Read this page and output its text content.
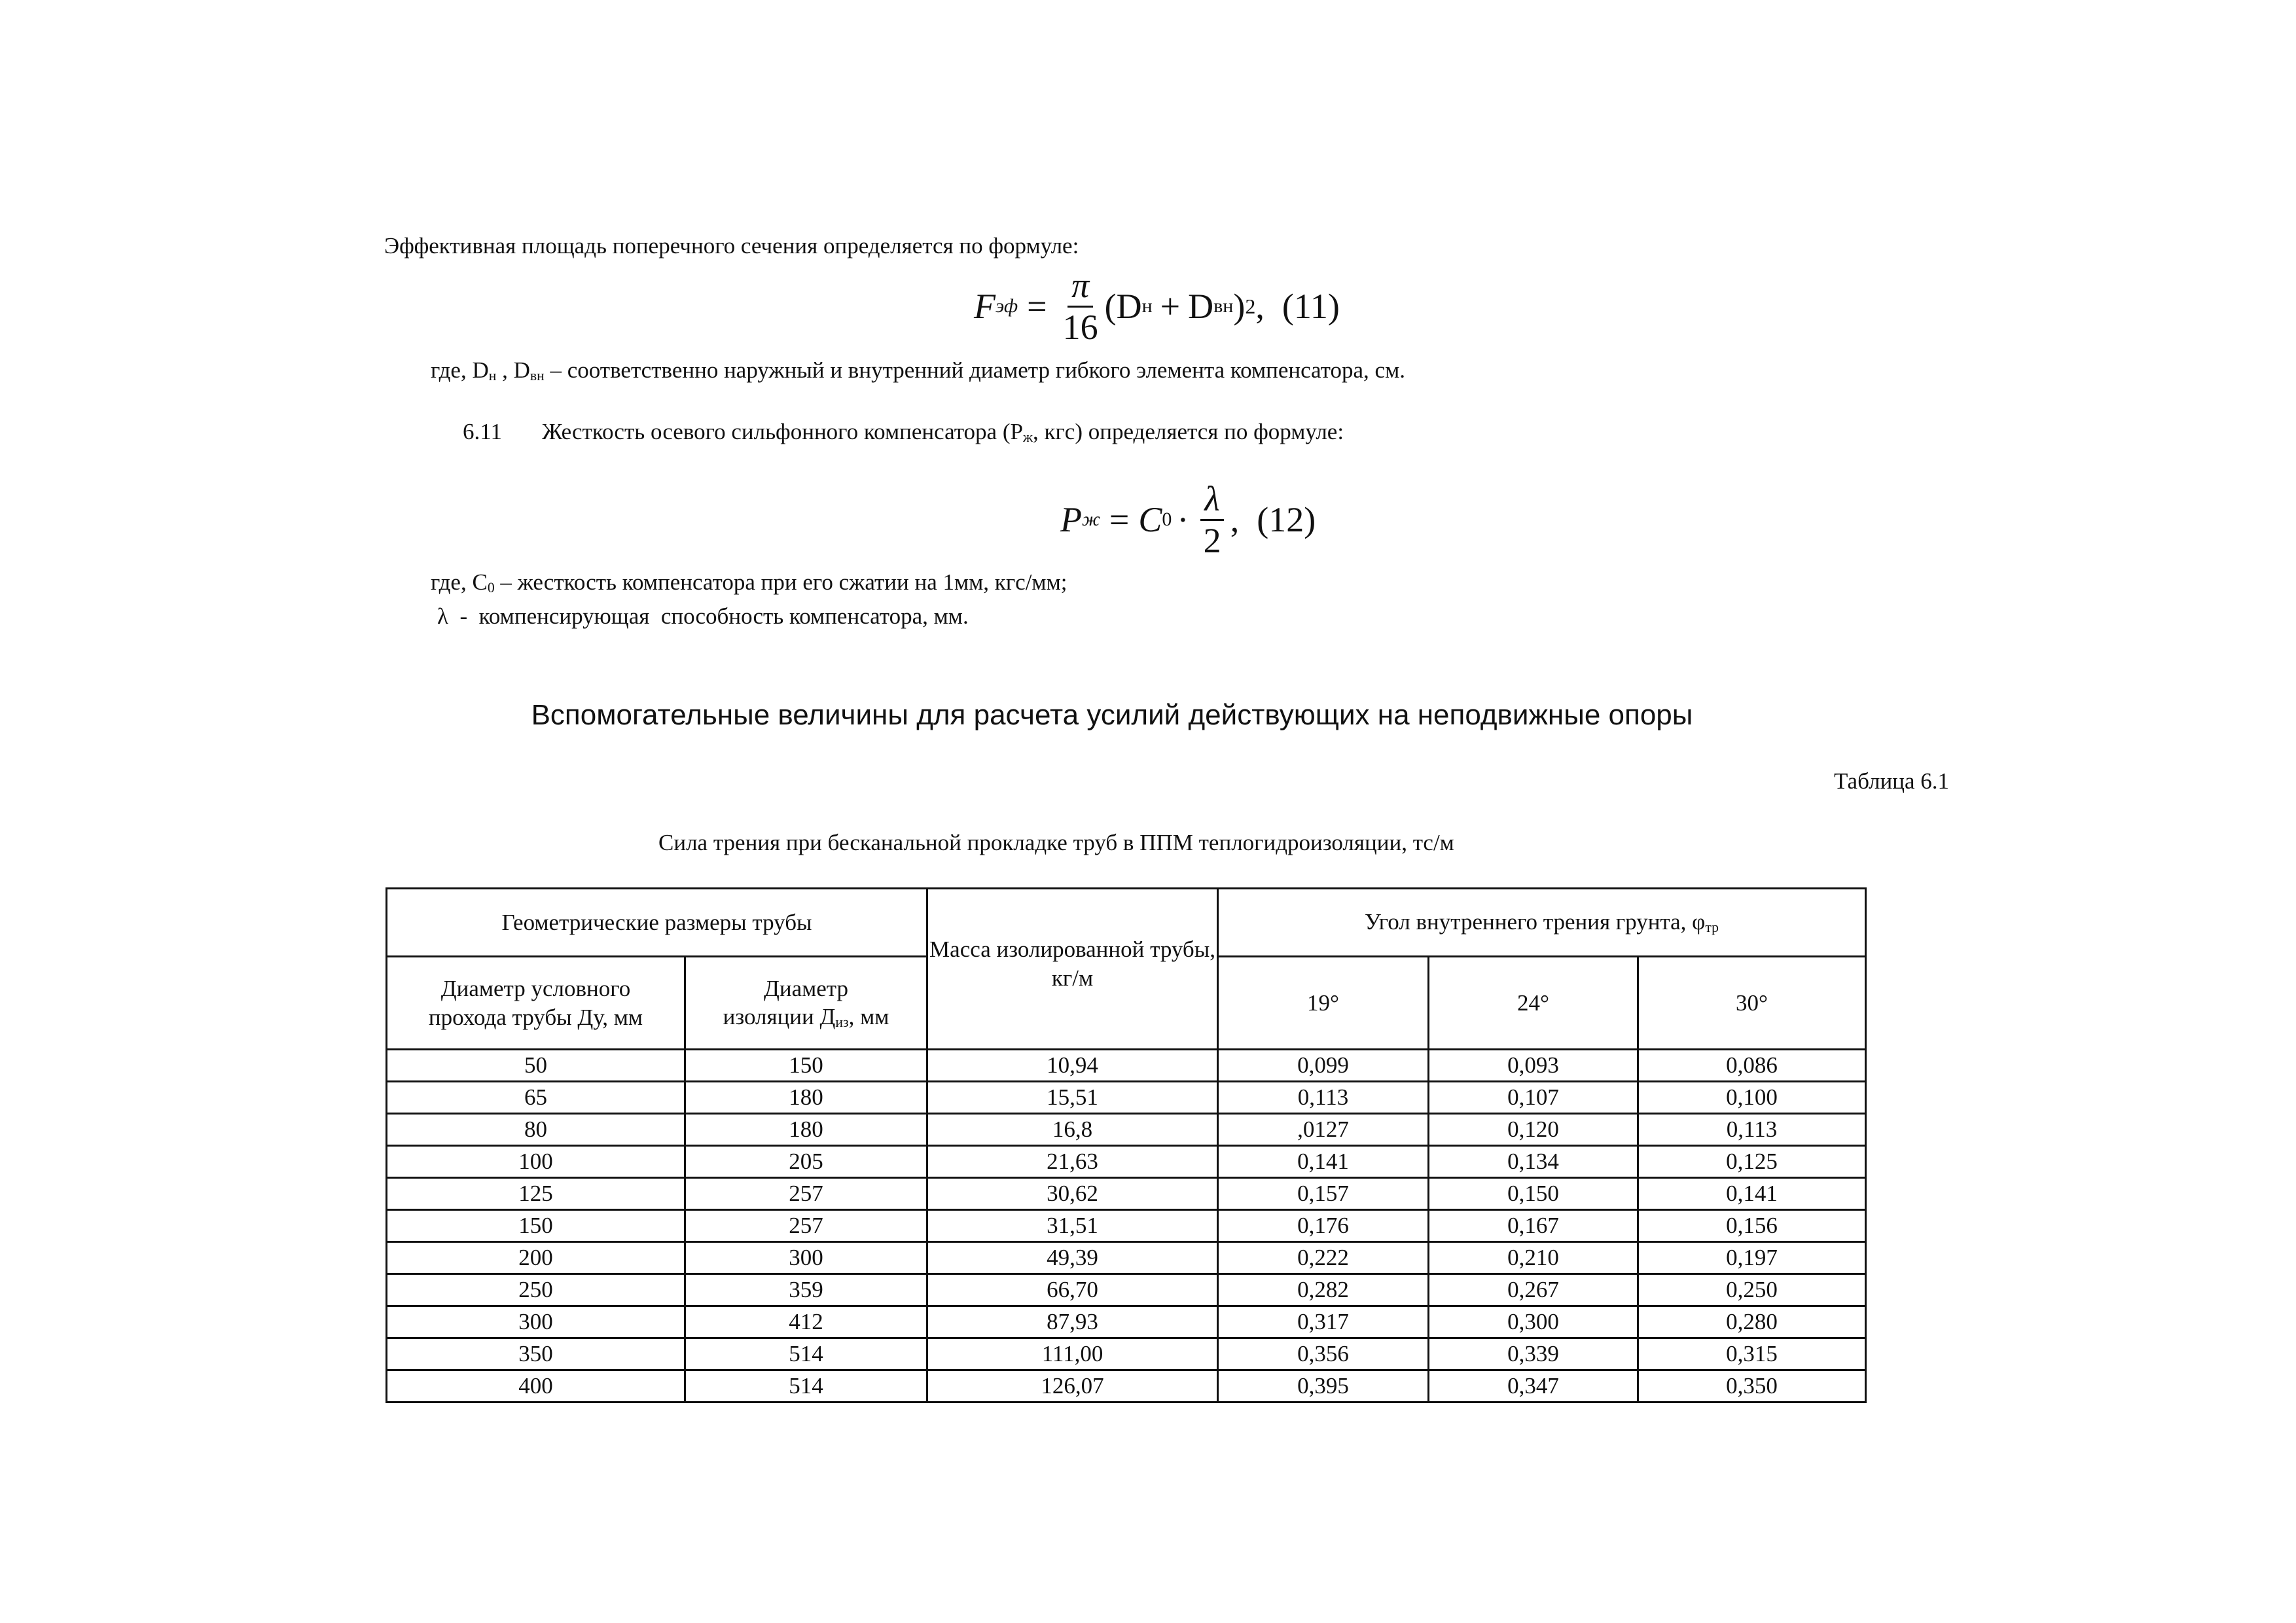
Эффективная площадь поперечного сечения определяется по формуле:
F эф = $\frac{\pi}{16}$ ( D н + D вн ) 2 ,  (11)
где, $D_н$ , $D_{вн}$ – соответственно наружный и внутренний диаметр гибкого элемента компенсатора, см.
6.11 Жесткость осевого сильфонного компенсатора ($Р_ж$, кгс) определяется по формуле:
P ж = C $0 \cdot \frac{\lambda}{2}$ ,  (12)
где, $С_0$ – жесткость компенсатора при его сжатии на 1мм, кгс/мм;
λ  -  компенсирующая  способность компенсатора, мм.
Вспомогательные величины для расчета усилий действующих на неподвижные опоры
Таблица 6.1
Сила трения при бесканальной прокладке труб в ППМ теплогидроизоляции, тс/м
Геометрические размеры трубы		Масса изолированной трубы, кг/м	Угол внутреннего трения грунта, $\varphi_{тр}$
Диаметр условного прохода трубы Ду, мм	Диаметр изоляции $Д_{из}$, мм		19°	24°	30°
50	150	10,94	0,099	0,093	0,086
65	180	15,51	0,113	0,107	0,100
80	180	16,8	,0127	0,120	0,113
100	205	21,63	0,141	0,134	0,125
125	257	30,62	0,157	0,150	0,141
150	257	31,51	0,176	0,167	0,156
200	300	49,39	0,222	0,210	0,197
250	359	66,70	0,282	0,267	0,250
300	412	87,93	0,317	0,300	0,280
350	514	111,00	0,356	0,339	0,315
400	514	126,07	0,395	0,347	0,350
